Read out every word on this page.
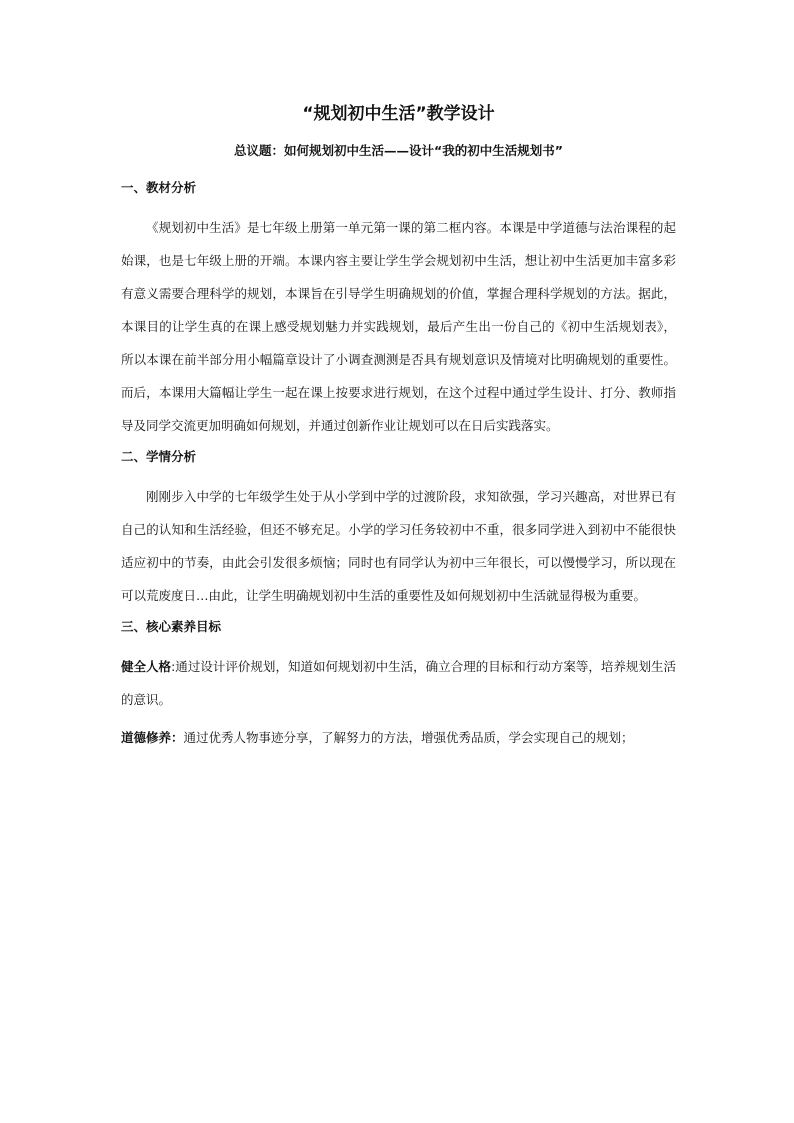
“规划初中生活”教学设计
总议题：如何规划初中生活——设计“我的初中生活规划书”
一、教材分析

《规划初中生活》是七年级上册第一单元第一课的第二框内容。本课是中学道德与法治课程的起始课，也是七年级上册的开端。本课内容主要让学生学会规划初中生活，想让初中生活更加丰富多彩有意义需要合理科学的规划，本课旨在引导学生明确规划的价值，掌握合理科学规划的方法。据此，本课目的让学生真的在课上感受规划魅力并实践规划，最后产生出一份自己的《初中生活规划表》，所以本课在前半部分用小幅篇章设计了小调查测测是否具有规划意识及情境对比明确规划的重要性。而后，本课用大篇幅让学生一起在课上按要求进行规划，在这个过程中通过学生设计、打分、教师指导及同学交流更加明确如何规划，并通过创新作业让规划可以在日后实践落实。

二、学情分析

刚刚步入中学的七年级学生处于从小学到中学的过渡阶段，求知欲强，学习兴趣高，对世界已有自己的认知和生活经验，但还不够充足。小学的学习任务较初中不重，很多同学进入到初中不能很快适应初中的节奏，由此会引发很多烦恼；同时也有同学认为初中三年很长，可以慢慢学习，所以现在可以荒废度日…由此，让学生明确规划初中生活的重要性及如何规划初中生活就显得极为重要。

三、核心素养目标

健全人格:通过设计评价规划，知道如何规划初中生活，确立合理的目标和行动方案等，培养规划生活的意识。

道德修养：通过优秀人物事迹分享，了解努力的方法，增强优秀品质，学会实现自己的规划；
